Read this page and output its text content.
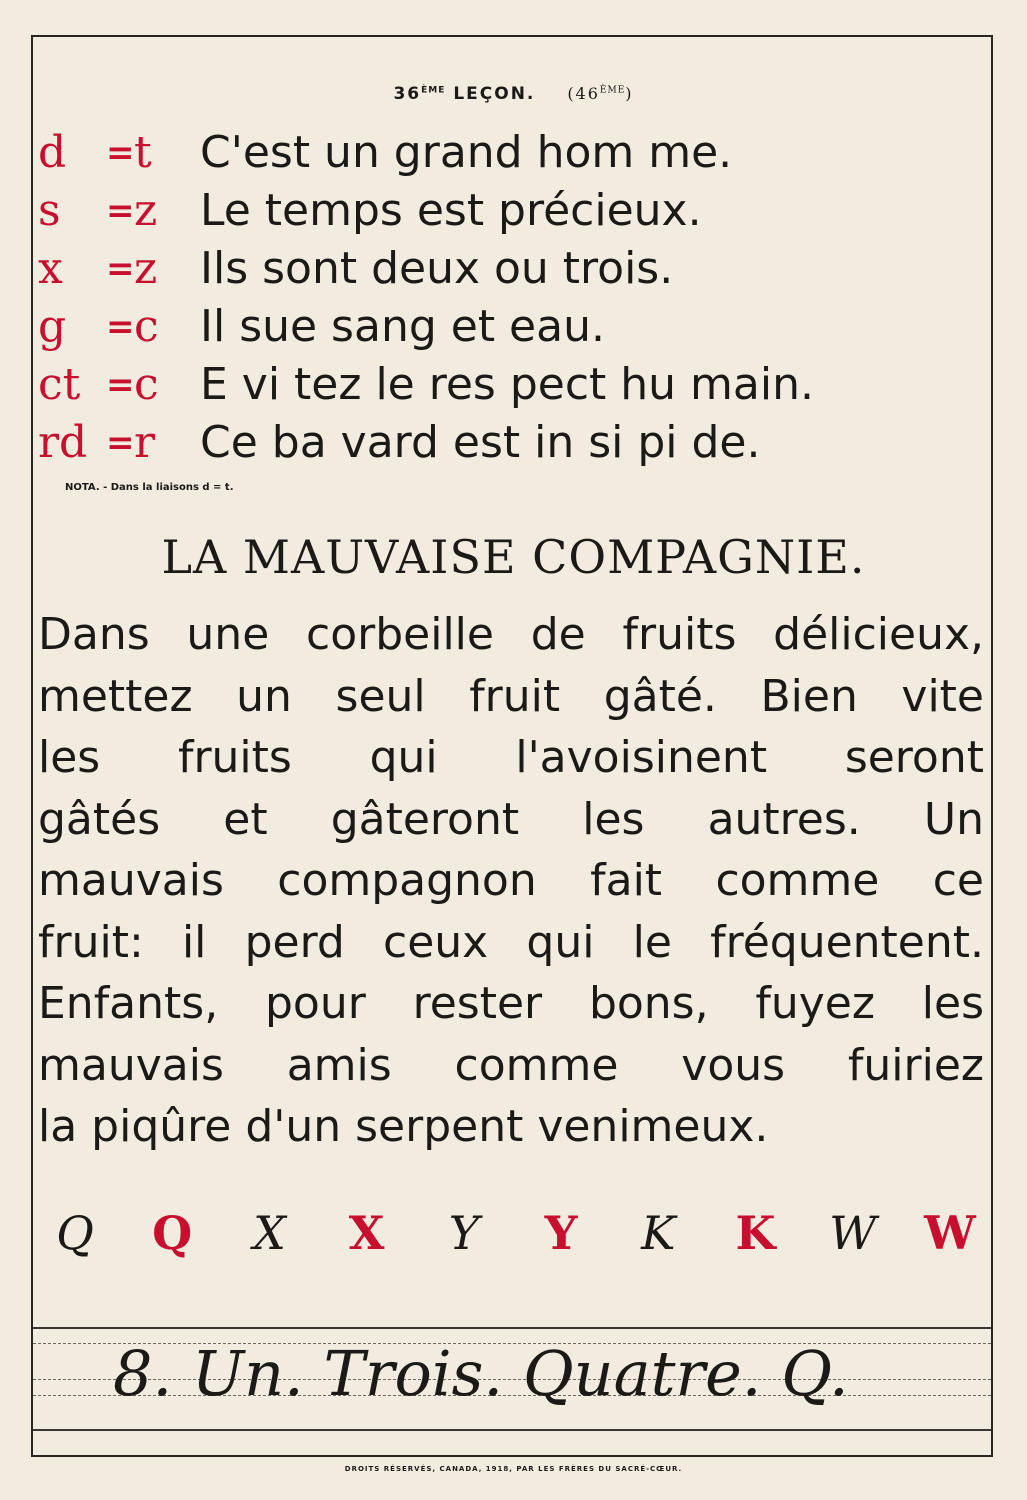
36ÈME LEÇON. (46ÈME)
d = t C'est un grand hom me.
s = z Le temps est précieux.
x = z Ils sont deux ou trois.
g = c Il sue sang et eau.
ct = c E vi tez le res pect hu main.
rd = r Ce ba vard est in si pi de.
NOTA. - Dans la liaisons d = t.
LA MAUVAISE COMPAGNIE.
Dans une corbeille de fruits délicieux,
mettez un seul fruit gâté. Bien vite
les fruits qui l'avoisinent seront
gâtés et gâteront les autres. Un
mauvais compagnon fait comme ce
fruit: il perd ceux qui le fréquentent.
Enfants, pour rester bons, fuyez les
mauvais amis comme vous fuiriez
la piqûre d'un serpent venimeux.
Q Q X X	Y	Y K K W W
8. Un. Trois. Quatre. Q.
DROITS RÉSERVÉS, CANADA, 1918, PAR LES FRÈRES DU SACRÉ-CŒUR.
